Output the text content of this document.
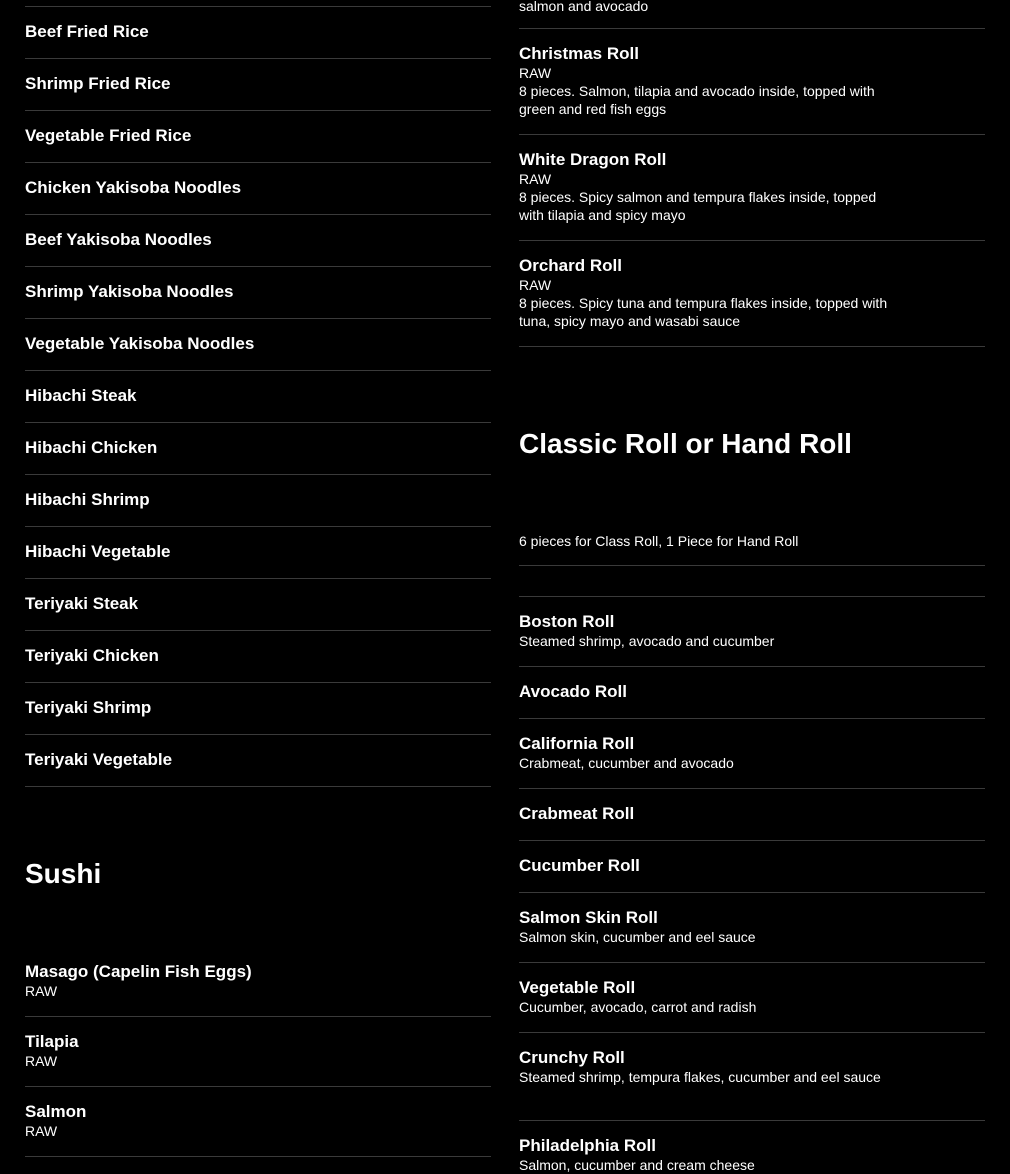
Beef Fried Rice
Shrimp Fried Rice
Vegetable Fried Rice
Chicken Yakisoba Noodles
Beef Yakisoba Noodles
Shrimp Yakisoba Noodles
Vegetable Yakisoba Noodles
Hibachi Steak
Hibachi Chicken
Hibachi Shrimp
Hibachi Vegetable
Teriyaki Steak
Teriyaki Chicken
Teriyaki Shrimp
Teriyaki Vegetable
Sushi
Masago (Capelin Fish Eggs)
RAW
Tilapia
RAW
Salmon
RAW
salmon and avocado
Christmas Roll
RAW
8 pieces. Salmon, tilapia and avocado inside, topped with green and red fish eggs
White Dragon Roll
RAW
8 pieces. Spicy salmon and tempura flakes inside, topped with tilapia and spicy mayo
Orchard Roll
RAW
8 pieces. Spicy tuna and tempura flakes inside, topped with tuna, spicy mayo and wasabi sauce
Classic Roll or Hand Roll
6 pieces for Class Roll, 1 Piece for Hand Roll
Boston Roll
Steamed shrimp, avocado and cucumber
Avocado Roll
California Roll
Crabmeat, cucumber and avocado
Crabmeat Roll
Cucumber Roll
Salmon Skin Roll
Salmon skin, cucumber and eel sauce
Vegetable Roll
Cucumber, avocado, carrot and radish
Crunchy Roll
Steamed shrimp, tempura flakes, cucumber and eel sauce
Philadelphia Roll
Salmon, cucumber and cream cheese
